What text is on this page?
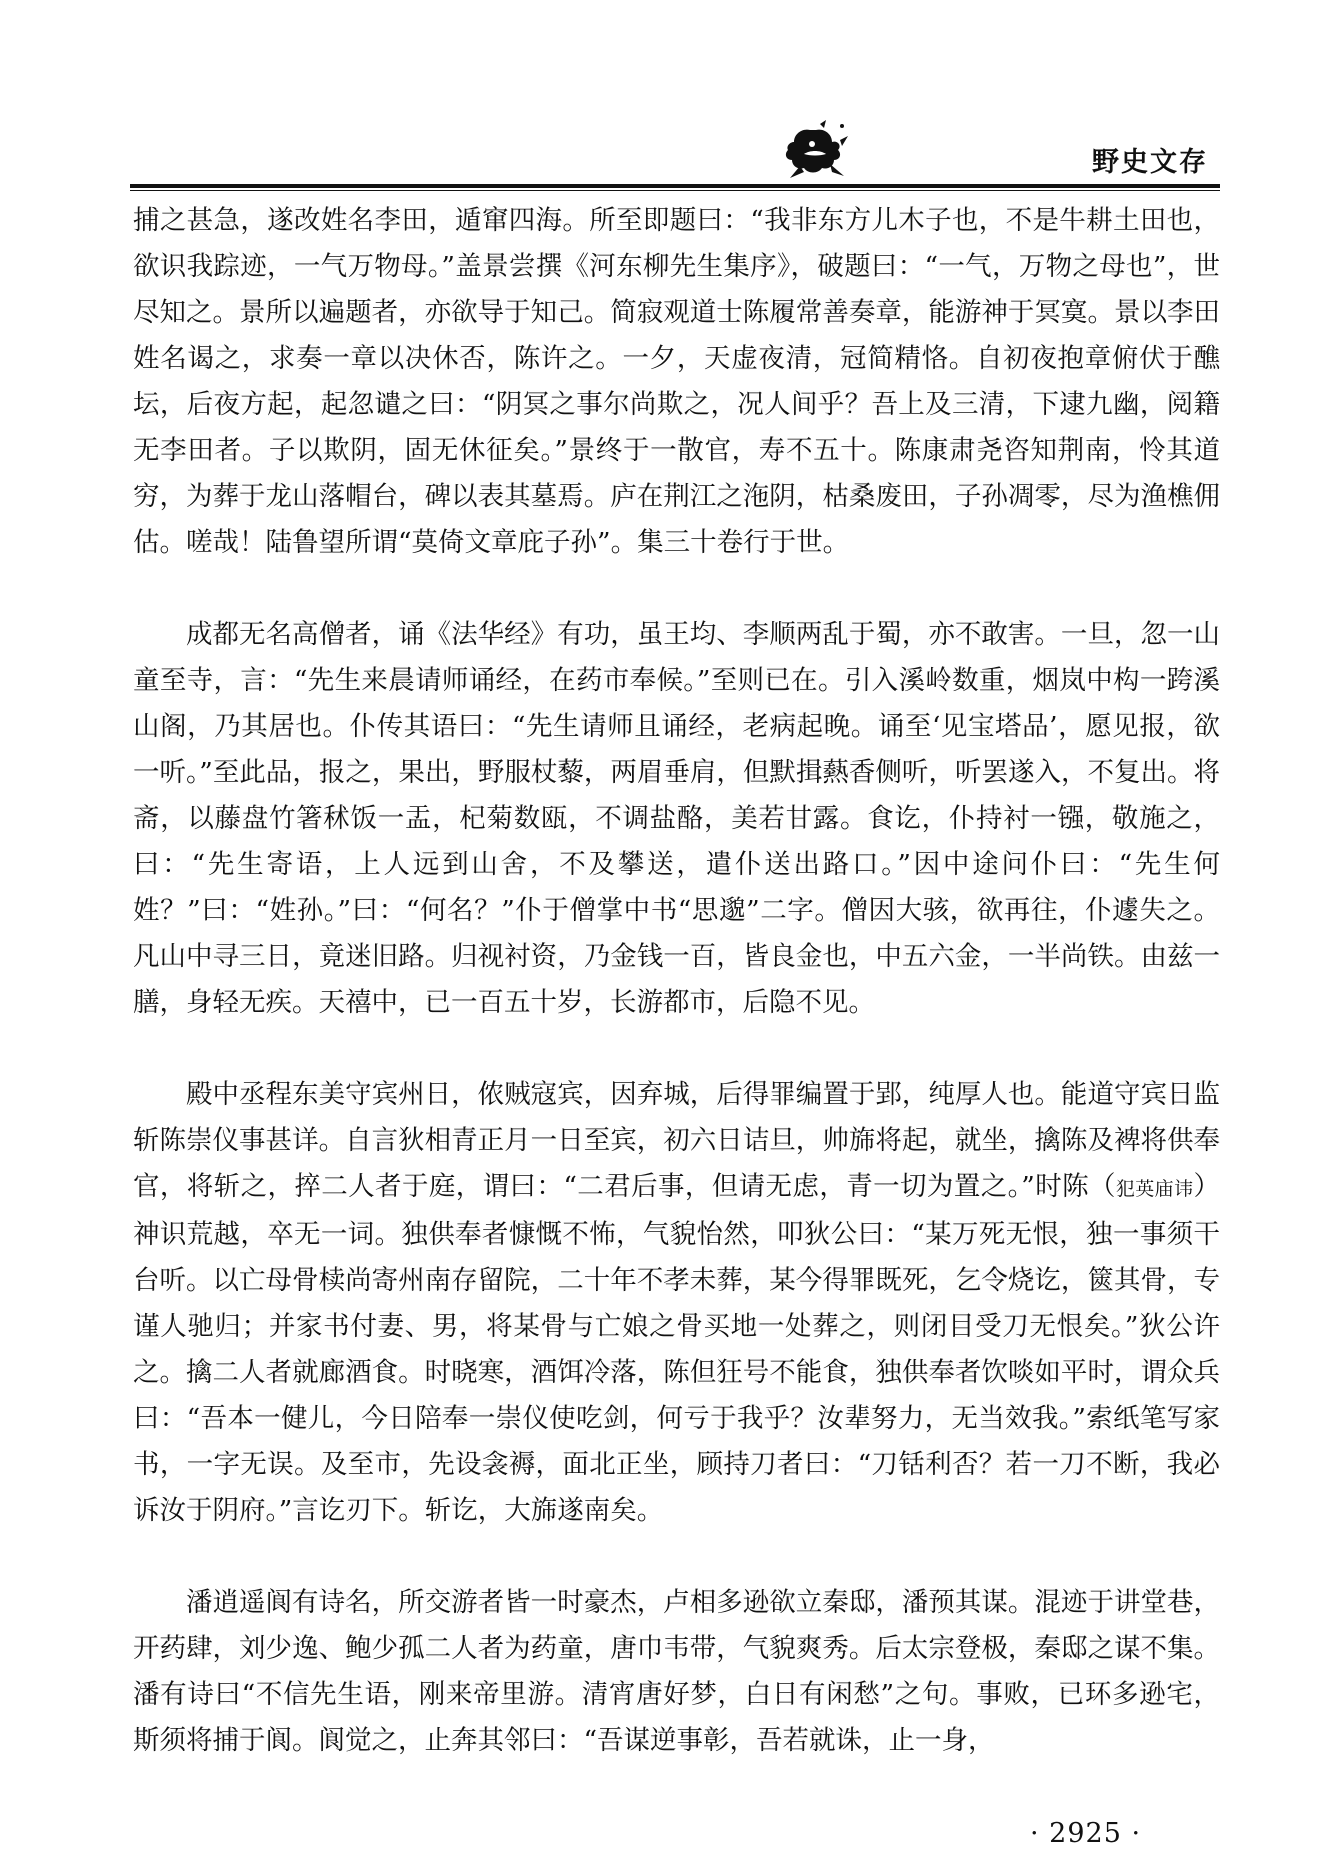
野史文存

捕之甚急，遂改姓名李田，遁窜四海。所至即题曰：“我非东方儿木子也，不是牛耕土田也，欲识我踪迹，一气万物母。”盖景尝撰《河东柳先生集序》，破题曰：“一气，万物之母也”，世尽知之。景所以遍题者，亦欲导于知己。简寂观道士陈履常善奏章，能游神于冥寞。景以李田姓名谒之，求奏一章以决休否，陈许之。一夕，天虚夜清，冠简精恪。自初夜抱章俯伏于醮坛，后夜方起，起忽谴之曰：“阴冥之事尔尚欺之，况人间乎？吾上及三清，下逮九幽，阅籍无李田者。子以欺阴，固无休征矣。”景终于一散官，寿不五十。陈康肃尧咨知荆南，怜其道穷，为葬于龙山落帽台，碑以表其墓焉。庐在荆江之沲阴，枯桑废田，子孙凋零，尽为渔樵佣估。嗟哉！陆鲁望所谓“莫倚文章庇子孙”。集三十卷行于世。

成都无名高僧者，诵《法华经》有功，虽王均、李顺两乱于蜀，亦不敢害。一旦，忽一山童至寺，言：“先生来晨请师诵经，在药市奉候。”至则已在。引入溪岭数重，烟岚中构一跨溪山阁，乃其居也。仆传其语曰：“先生请师且诵经，老病起晚。诵至‘见宝塔品’，愿见报，欲一听。”至此品，报之，果出，野服杖藜，两眉垂肩，但默揖爇香侧听，听罢遂入，不复出。将斋，以藤盘竹箸秫饭一盂，杞菊数瓯，不调盐酪，美若甘露。食讫，仆持衬一镪，敬施之，曰：“先生寄语，上人远到山舍，不及攀送，遣仆送出路口。”因中途问仆曰：“先生何姓？”曰：“姓孙。”曰：“何名？”仆于僧掌中书“思邈”二字。僧因大骇，欲再往，仆遽失之。凡山中寻三日，竟迷旧路。归视衬资，乃金钱一百，皆良金也，中五六金，一半尚铁。由兹一膳，身轻无疾。天禧中，已一百五十岁，长游都市，后隐不见。

殿中丞程东美守宾州日，侬贼寇宾，因弃城，后得罪编置于郢，纯厚人也。能道守宾日监斩陈崇仪事甚详。自言狄相青正月一日至宾，初六日诘旦，帅旆将起，就坐，擒陈及裨将供奉官，将斩之，捽二人者于庭，谓曰：“二君后事，但请无虑，青一切为置之。”时陈（犯英庙讳）神识荒越，卒无一词。独供奉者慷慨不怖，气貌怡然，叩狄公曰：“某万死无恨，独一事须干台听。以亡母骨椟尚寄州南存留院，二十年不孝未葬，某今得罪既死，乞令烧讫，篋其骨，专谨人驰归；并家书付妻、男，将某骨与亡娘之骨买地一处葬之，则闭目受刀无恨矣。”狄公许之。擒二人者就廊酒食。时晓寒，酒饵冷落，陈但狂号不能食，独供奉者饮啖如平时，谓众兵曰：“吾本一健儿，今日陪奉一崇仪使吃剑，何亏于我乎？汝辈努力，无当效我。”索纸笔写家书，一字无误。及至市，先设衾褥，面北正坐，顾持刀者曰：“刀铦利否？若一刀不断，我必诉汝于阴府。”言讫刃下。斩讫，大旆遂南矣。

潘逍遥阆有诗名，所交游者皆一时豪杰，卢相多逊欲立秦邸，潘预其谋。混迹于讲堂巷，开药肆，刘少逸、鲍少孤二人者为药童，唐巾韦带，气貌爽秀。后太宗登极，秦邸之谋不集。潘有诗曰“不信先生语，刚来帝里游。清宵唐好梦，白日有闲愁”之句。事败，已环多逊宅，斯须将捕于阆。阆觉之，止奔其邻曰：“吾谋逆事彰，吾若就诛，止一身，

· 2925 ·
